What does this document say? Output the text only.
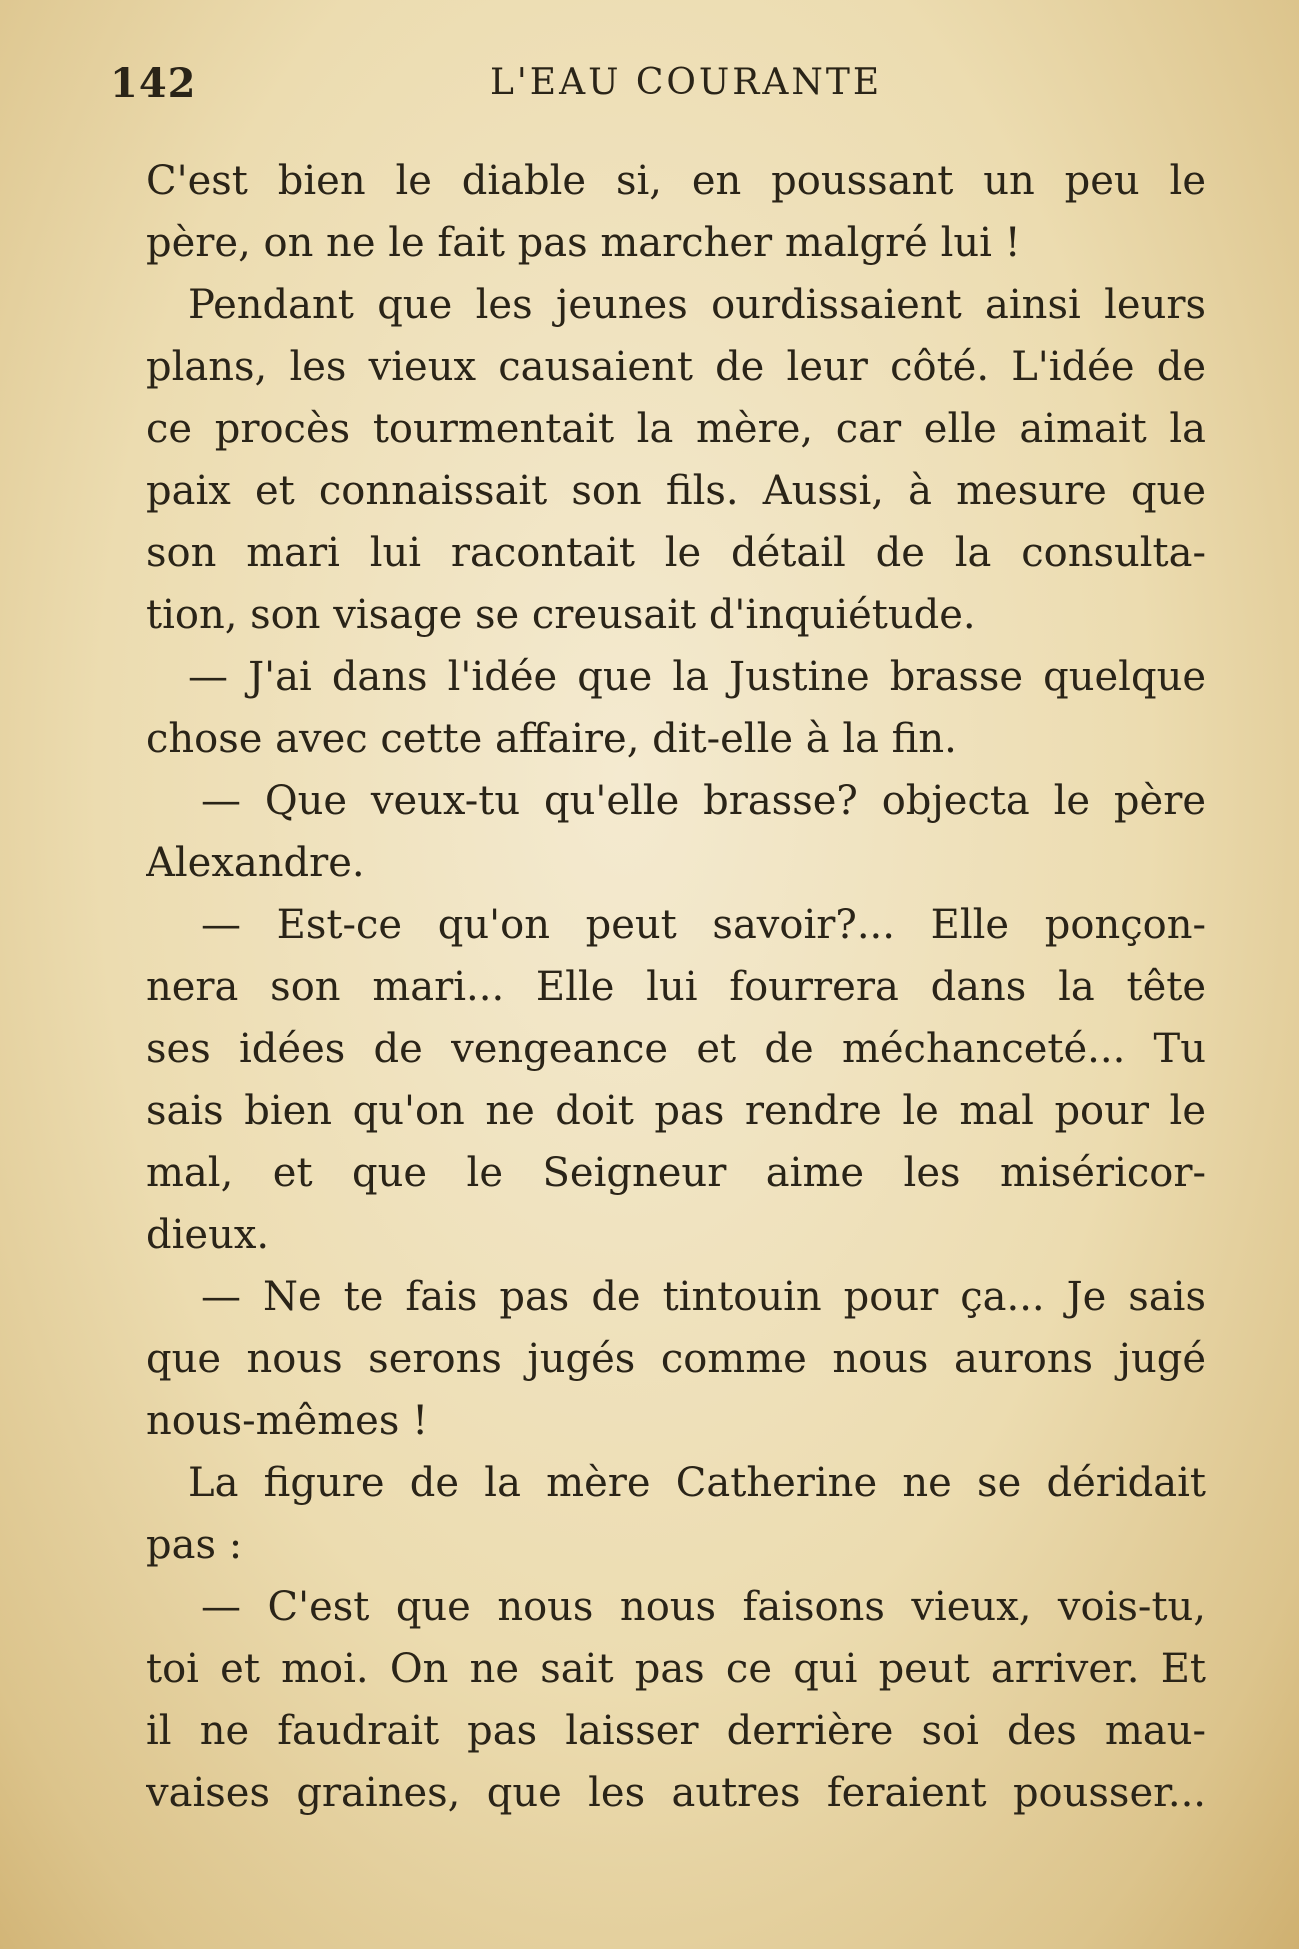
142	L'EAU COURANTE
C'est bien le diable si, en poussant un peu le
père, on ne le fait pas marcher malgré lui !
Pendant que les jeunes ourdissaient ainsi leurs
plans, les vieux causaient de leur côté. L'idée de
ce procès tourmentait la mère, car elle aimait la
paix et connaissait son fils. Aussi, à mesure que
son mari lui racontait le détail de la consulta-
tion, son visage se creusait d'inquiétude.
— J'ai dans l'idée que la Justine brasse quelque
chose avec cette affaire, dit-elle à la fin.
— Que veux-tu qu'elle brasse? objecta le père
Alexandre.
— Est-ce qu'on peut savoir?... Elle ponçon-
nera son mari... Elle lui fourrera dans la tête
ses idées de vengeance et de méchanceté... Tu
sais bien qu'on ne doit pas rendre le mal pour le
mal, et que le Seigneur aime les miséricor-
dieux.
— Ne te fais pas de tintouin pour ça... Je sais
que nous serons jugés comme nous aurons jugé
nous-mêmes !
La figure de la mère Catherine ne se déridait
pas :
— C'est que nous nous faisons vieux, vois-tu,
toi et moi. On ne sait pas ce qui peut arriver. Et
il ne faudrait pas laisser derrière soi des mau-
vaises graines, que les autres feraient pousser...
